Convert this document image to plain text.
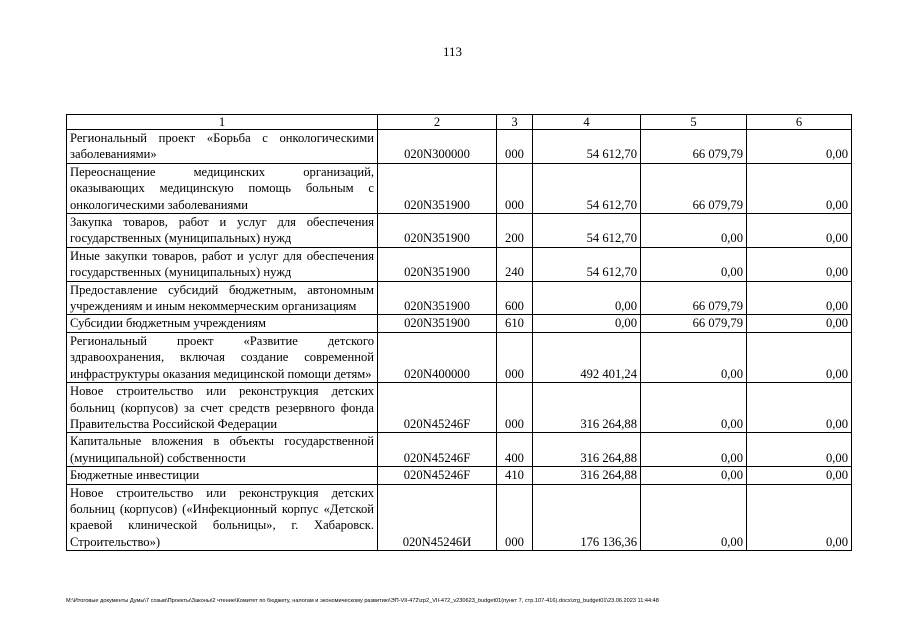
113
1	2	3	4	5	6
Региональный проект «Борьба с онкологическими заболеваниями»	020N300000	000	54 612,70	66 079,79	0,00
Переоснащение медицинских организаций, оказывающих медицинскую помощь больным с онкологическими заболеваниями	020N351900	000	54 612,70	66 079,79	0,00
Закупка товаров, работ и услуг для обеспечения государственных (муниципальных) нужд	020N351900	200	54 612,70	0,00	0,00
Иные закупки товаров, работ и услуг для обеспечения государственных (муниципальных) нужд	020N351900	240	54 612,70	0,00	0,00
Предоставление субсидий бюджетным, автономным учреждениям и иным некоммерческим организациям	020N351900	600	0,00	66 079,79	0,00
Субсидии бюджетным учреждениям	020N351900	610	0,00	66 079,79	0,00
Региональный проект «Развитие детского здравоохранения, включая создание современной инфраструктуры оказания медицинской помощи детям»	020N400000	000	492 401,24	0,00	0,00
Новое строительство или реконструкция детских больниц (корпусов) за счет средств резервного фонда Правительства Российской Федерации	020N45246F	000	316 264,88	0,00	0,00
Капитальные вложения в объекты государственной (муниципальной) собственности	020N45246F	400	316 264,88	0,00	0,00
Бюджетные инвестиции	020N45246F	410	316 264,88	0,00	0,00
Новое строительство или реконструкция детских больниц (корпусов) («Инфекционный корпус «Детской краевой клинической больницы», г. Хабаровск. Строительство»)	020N45246И	000	176 136,36	0,00	0,00
M:\Итоговые документы Думы\7 созыв\Проекты\Законы\2 чтение\Комитет по бюджету, налогам и экономическому развитию\ЭП-VII-472\zp2_VII-472_v230623_budget01(пункт 7, стр.107-416).docx\zrg_budget01\23.06.2023 11:44:48
